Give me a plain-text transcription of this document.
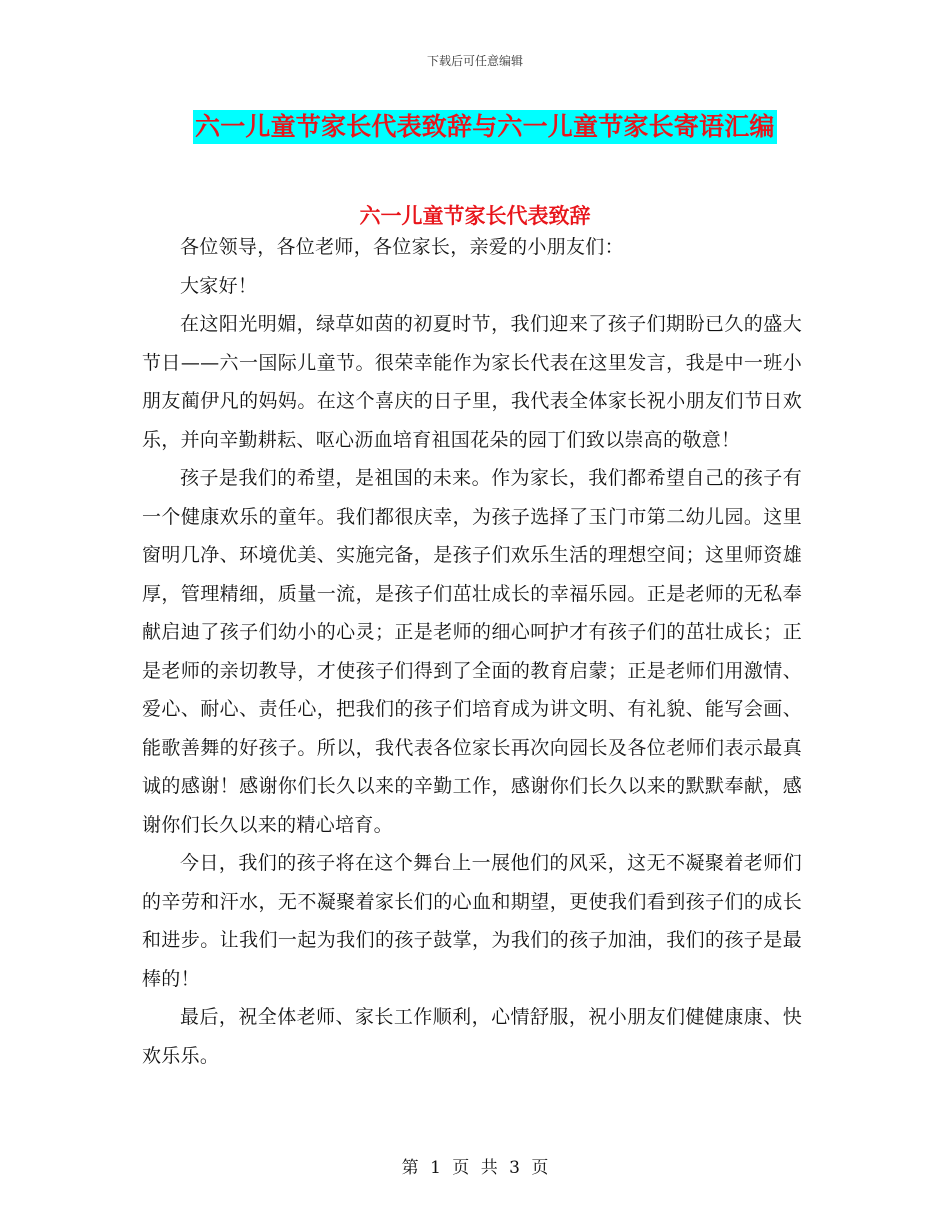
下载后可任意编辑
六一儿童节家长代表致辞与六一儿童节家长寄语汇编
六一儿童节家长代表致辞

各位领导，各位老师，各位家长，亲爱的小朋友们：

大家好！

在这阳光明媚，绿草如茵的初夏时节，我们迎来了孩子们期盼已久的盛大节日——六一国际儿童节。很荣幸能作为家长代表在这里发言，我是中一班小朋友蔺伊凡的妈妈。在这个喜庆的日子里，我代表全体家长祝小朋友们节日欢乐，并向辛勤耕耘、呕心沥血培育祖国花朵的园丁们致以崇高的敬意！

孩子是我们的希望，是祖国的未来。作为家长，我们都希望自己的孩子有一个健康欢乐的童年。我们都很庆幸，为孩子选择了玉门市第二幼儿园。这里窗明几净、环境优美、实施完备，是孩子们欢乐生活的理想空间；这里师资雄厚，管理精细，质量一流，是孩子们茁壮成长的幸福乐园。正是老师的无私奉献启迪了孩子们幼小的心灵；正是老师的细心呵护才有孩子们的茁壮成长；正是老师的亲切教导，才使孩子们得到了全面的教育启蒙；正是老师们用激情、爱心、耐心、责任心，把我们的孩子们培育成为讲文明、有礼貌、能写会画、能歌善舞的好孩子。所以，我代表各位家长再次向园长及各位老师们表示最真诚的感谢！感谢你们长久以来的辛勤工作，感谢你们长久以来的默默奉献，感谢你们长久以来的精心培育。

今日，我们的孩子将在这个舞台上一展他们的风采，这无不凝聚着老师们的辛劳和汗水，无不凝聚着家长们的心血和期望，更使我们看到孩子们的成长和进步。让我们一起为我们的孩子鼓掌，为我们的孩子加油，我们的孩子是最棒的！

最后，祝全体老师、家长工作顺利，心情舒服，祝小朋友们健健康康、快欢乐乐。

第 1 页 共 3 页
